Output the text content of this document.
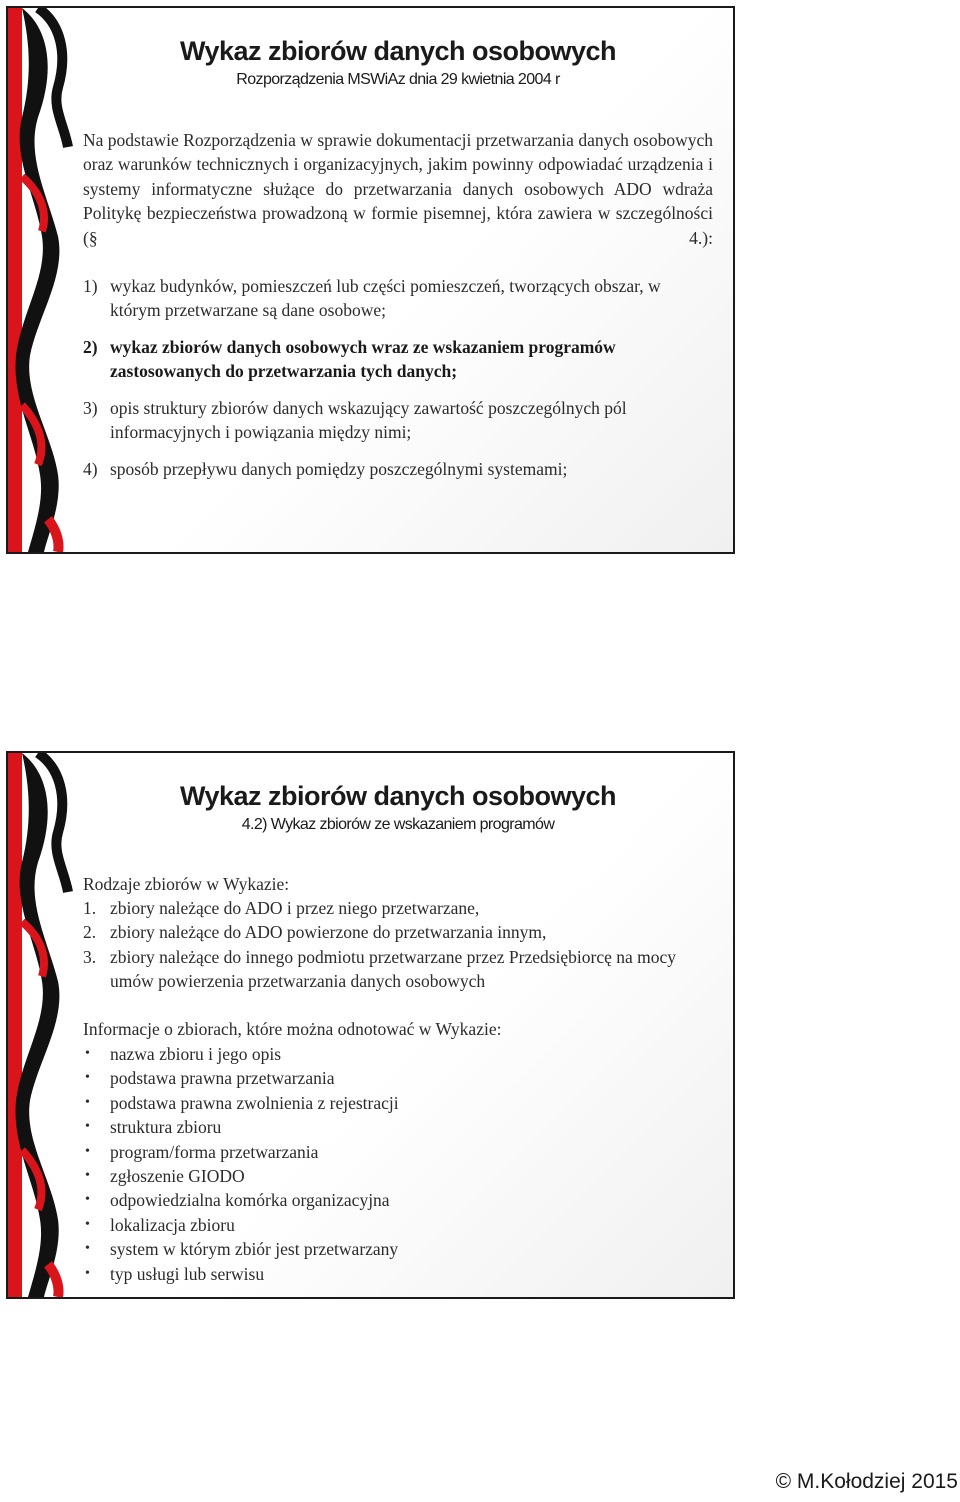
Wykaz zbiorów danych osobowych
Rozporządzenia MSWiAz dnia 29 kwietnia 2004 r
Na podstawie Rozporządzenia w sprawie dokumentacji przetwarzania danych osobowych oraz warunków technicznych i organizacyjnych, jakim powinny odpowiadać urządzenia i systemy informatyczne służące do przetwarzania danych osobowych ADO wdraża Politykę bezpieczeństwa prowadzoną w formie pisemnej, która zawiera w szczególności (§ 4.):
1) wykaz budynków, pomieszczeń lub części pomieszczeń, tworzących obszar, w którym przetwarzane są dane osobowe;
2) wykaz zbiorów danych osobowych wraz ze wskazaniem programów zastosowanych do przetwarzania tych danych;
3) opis struktury zbiorów danych wskazujący zawartość poszczególnych pól informacyjnych i powiązania między nimi;
4) sposób przepływu danych pomiędzy poszczególnymi systemami;
Wykaz zbiorów danych osobowych
4.2) Wykaz zbiorów ze wskazaniem programów
Rodzaje zbiorów w Wykazie:
1. zbiory należące do ADO i przez niego przetwarzane,
2. zbiory należące do ADO powierzone do przetwarzania innym,
3. zbiory należące do innego podmiotu przetwarzane przez Przedsiębiorcę na mocy umów powierzenia przetwarzania danych osobowych
Informacje o zbiorach, które można odnotować w Wykazie:
• nazwa zbioru i jego opis
• podstawa prawna przetwarzania
• podstawa prawna zwolnienia z rejestracji
• struktura zbioru
• program/forma przetwarzania
• zgłoszenie GIODO
• odpowiedzialna komórka organizacyjna
• lokalizacja zbioru
• system w którym zbiór jest przetwarzany
• typ usługi lub serwisu
© M.Kołodziej 2015
